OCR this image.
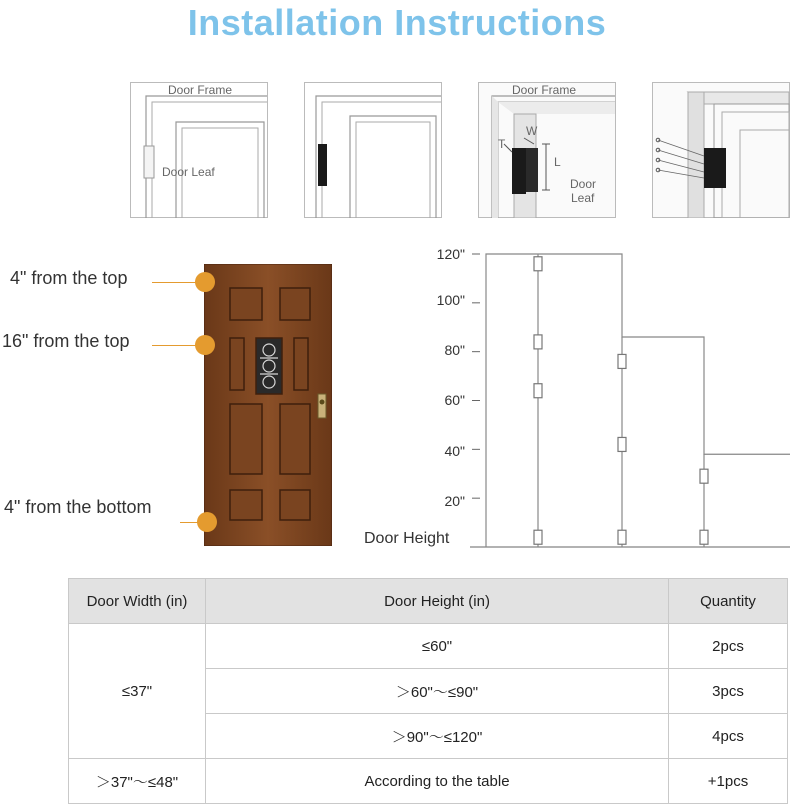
Installation Instructions
Door Frame
Door Leaf
Door Frame
T
W
L
Door
Leaf
4" from the top
16" from the top
4" from the bottom
120"
100"
80"
60"
40"
20"
Door Height
Door Width (in)	Door Height (in)	Quantity
≤37"	≤60"	2pcs
	＞60"～≤90"	3pcs
	＞90"～≤120"	4pcs
＞37"～≤48"	According to the table	+1pcs
